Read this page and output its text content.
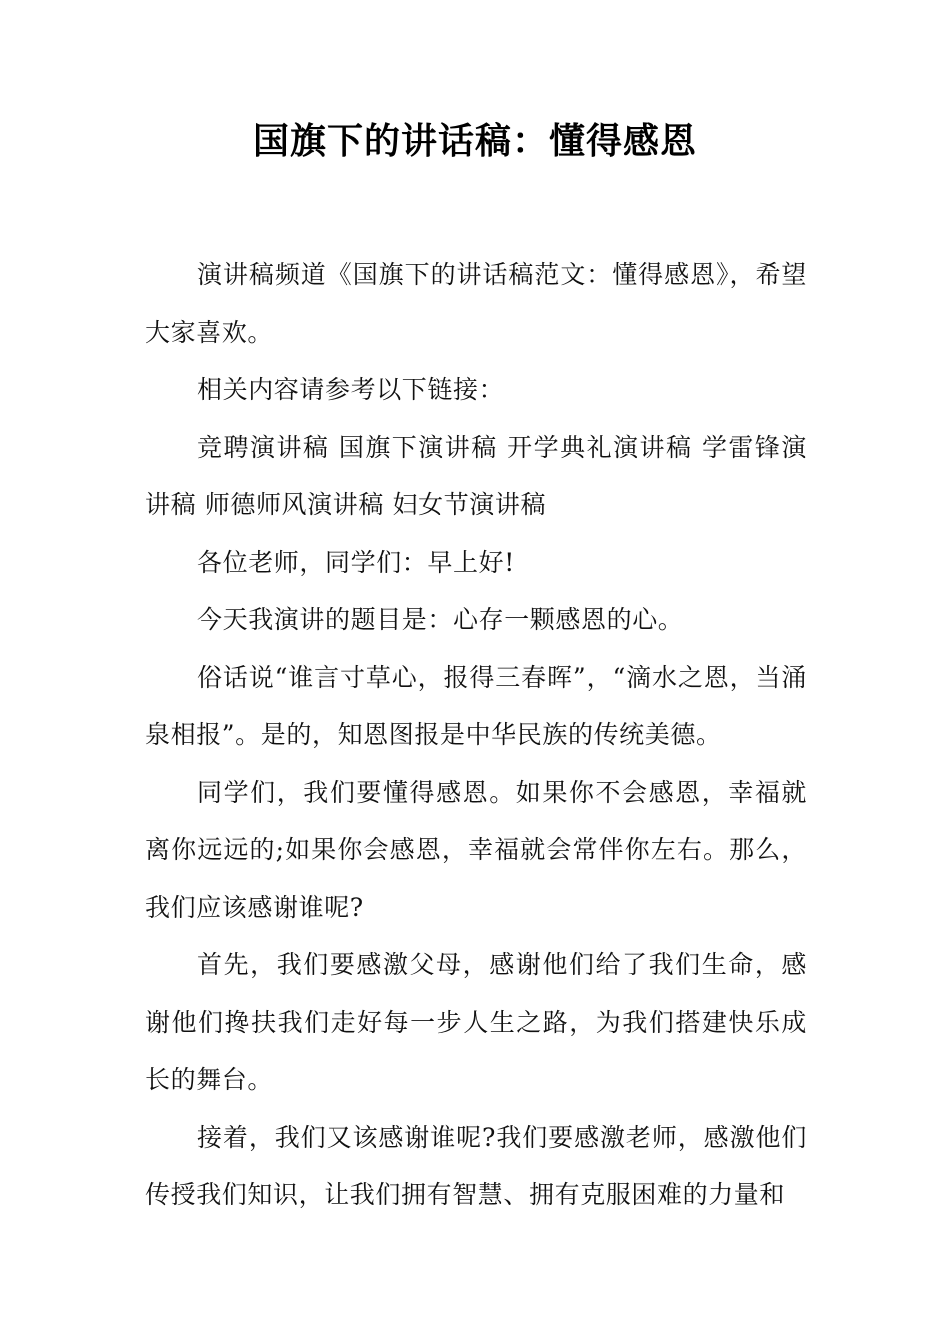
国旗下的讲话稿：懂得感恩

演讲稿频道《国旗下的讲话稿范文：懂得感恩》，希望大家喜欢。

相关内容请参考以下链接：

竞聘演讲稿 国旗下演讲稿 开学典礼演讲稿 学雷锋演讲稿 师德师风演讲稿 妇女节演讲稿

各位老师，同学们：早上好!

今天我演讲的题目是：心存一颗感恩的心。

俗话说“谁言寸草心，报得三春晖”，“滴水之恩，当涌泉相报”。是的，知恩图报是中华民族的传统美德。

同学们，我们要懂得感恩。如果你不会感恩，幸福就离你远远的;如果你会感恩，幸福就会常伴你左右。那么，我们应该感谢谁呢?

首先，我们要感激父母，感谢他们给了我们生命，感谢他们搀扶我们走好每一步人生之路，为我们搭建快乐成长的舞台。

接着，我们又该感谢谁呢?我们要感激老师，感激他们传授我们知识，让我们拥有智慧、拥有克服困难的力量和
